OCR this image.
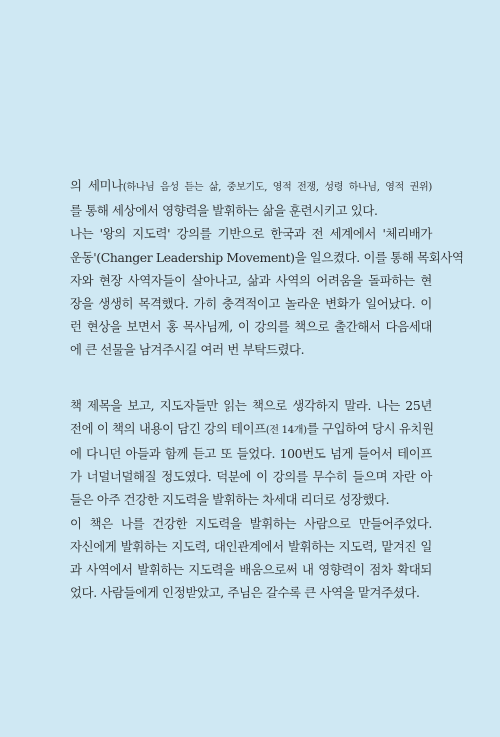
의 세미나(하나님 음성 듣는 삶, 중보기도, 영적 전쟁, 성령 하나님, 영적 권위)

를 통해 세상에서 영향력을 발휘하는 삶을 훈련시키고 있다.

나는 '왕의 지도력' 강의를 기반으로 한국과 전 세계에서 '체리배가

운동'(Changer Leadership Movement)을 일으켰다. 이를 통해 목회사역

자와 현장 사역자들이 살아나고, 삶과 사역의 어려움을 돌파하는 현

장을 생생히 목격했다. 가히 충격적이고 놀라운 변화가 일어났다. 이

런 현상을 보면서 홍 목사님께, 이 강의를 책으로 출간해서 다음세대

에 큰 선물을 남겨주시길 여러 번 부탁드렸다.

책 제목을 보고, 지도자들만 읽는 책으로 생각하지 말라. 나는 25년

전에 이 책의 내용이 담긴 강의 테이프(전 14개)를 구입하여 당시 유치원

에 다니던 아들과 함께 듣고 또 들었다. 100번도 넘게 들어서 테이프

가 너덜너덜해질 정도였다. 덕분에 이 강의를 무수히 들으며 자란 아

들은 아주 건강한 지도력을 발휘하는 차세대 리더로 성장했다.

이 책은 나를 건강한 지도력을 발휘하는 사람으로 만들어주었다.

자신에게 발휘하는 지도력, 대인관계에서 발휘하는 지도력, 맡겨진 일

과 사역에서 발휘하는 지도력을 배움으로써 내 영향력이 점차 확대되

었다. 사람들에게 인정받았고, 주님은 갈수록 큰 사역을 맡겨주셨다.
